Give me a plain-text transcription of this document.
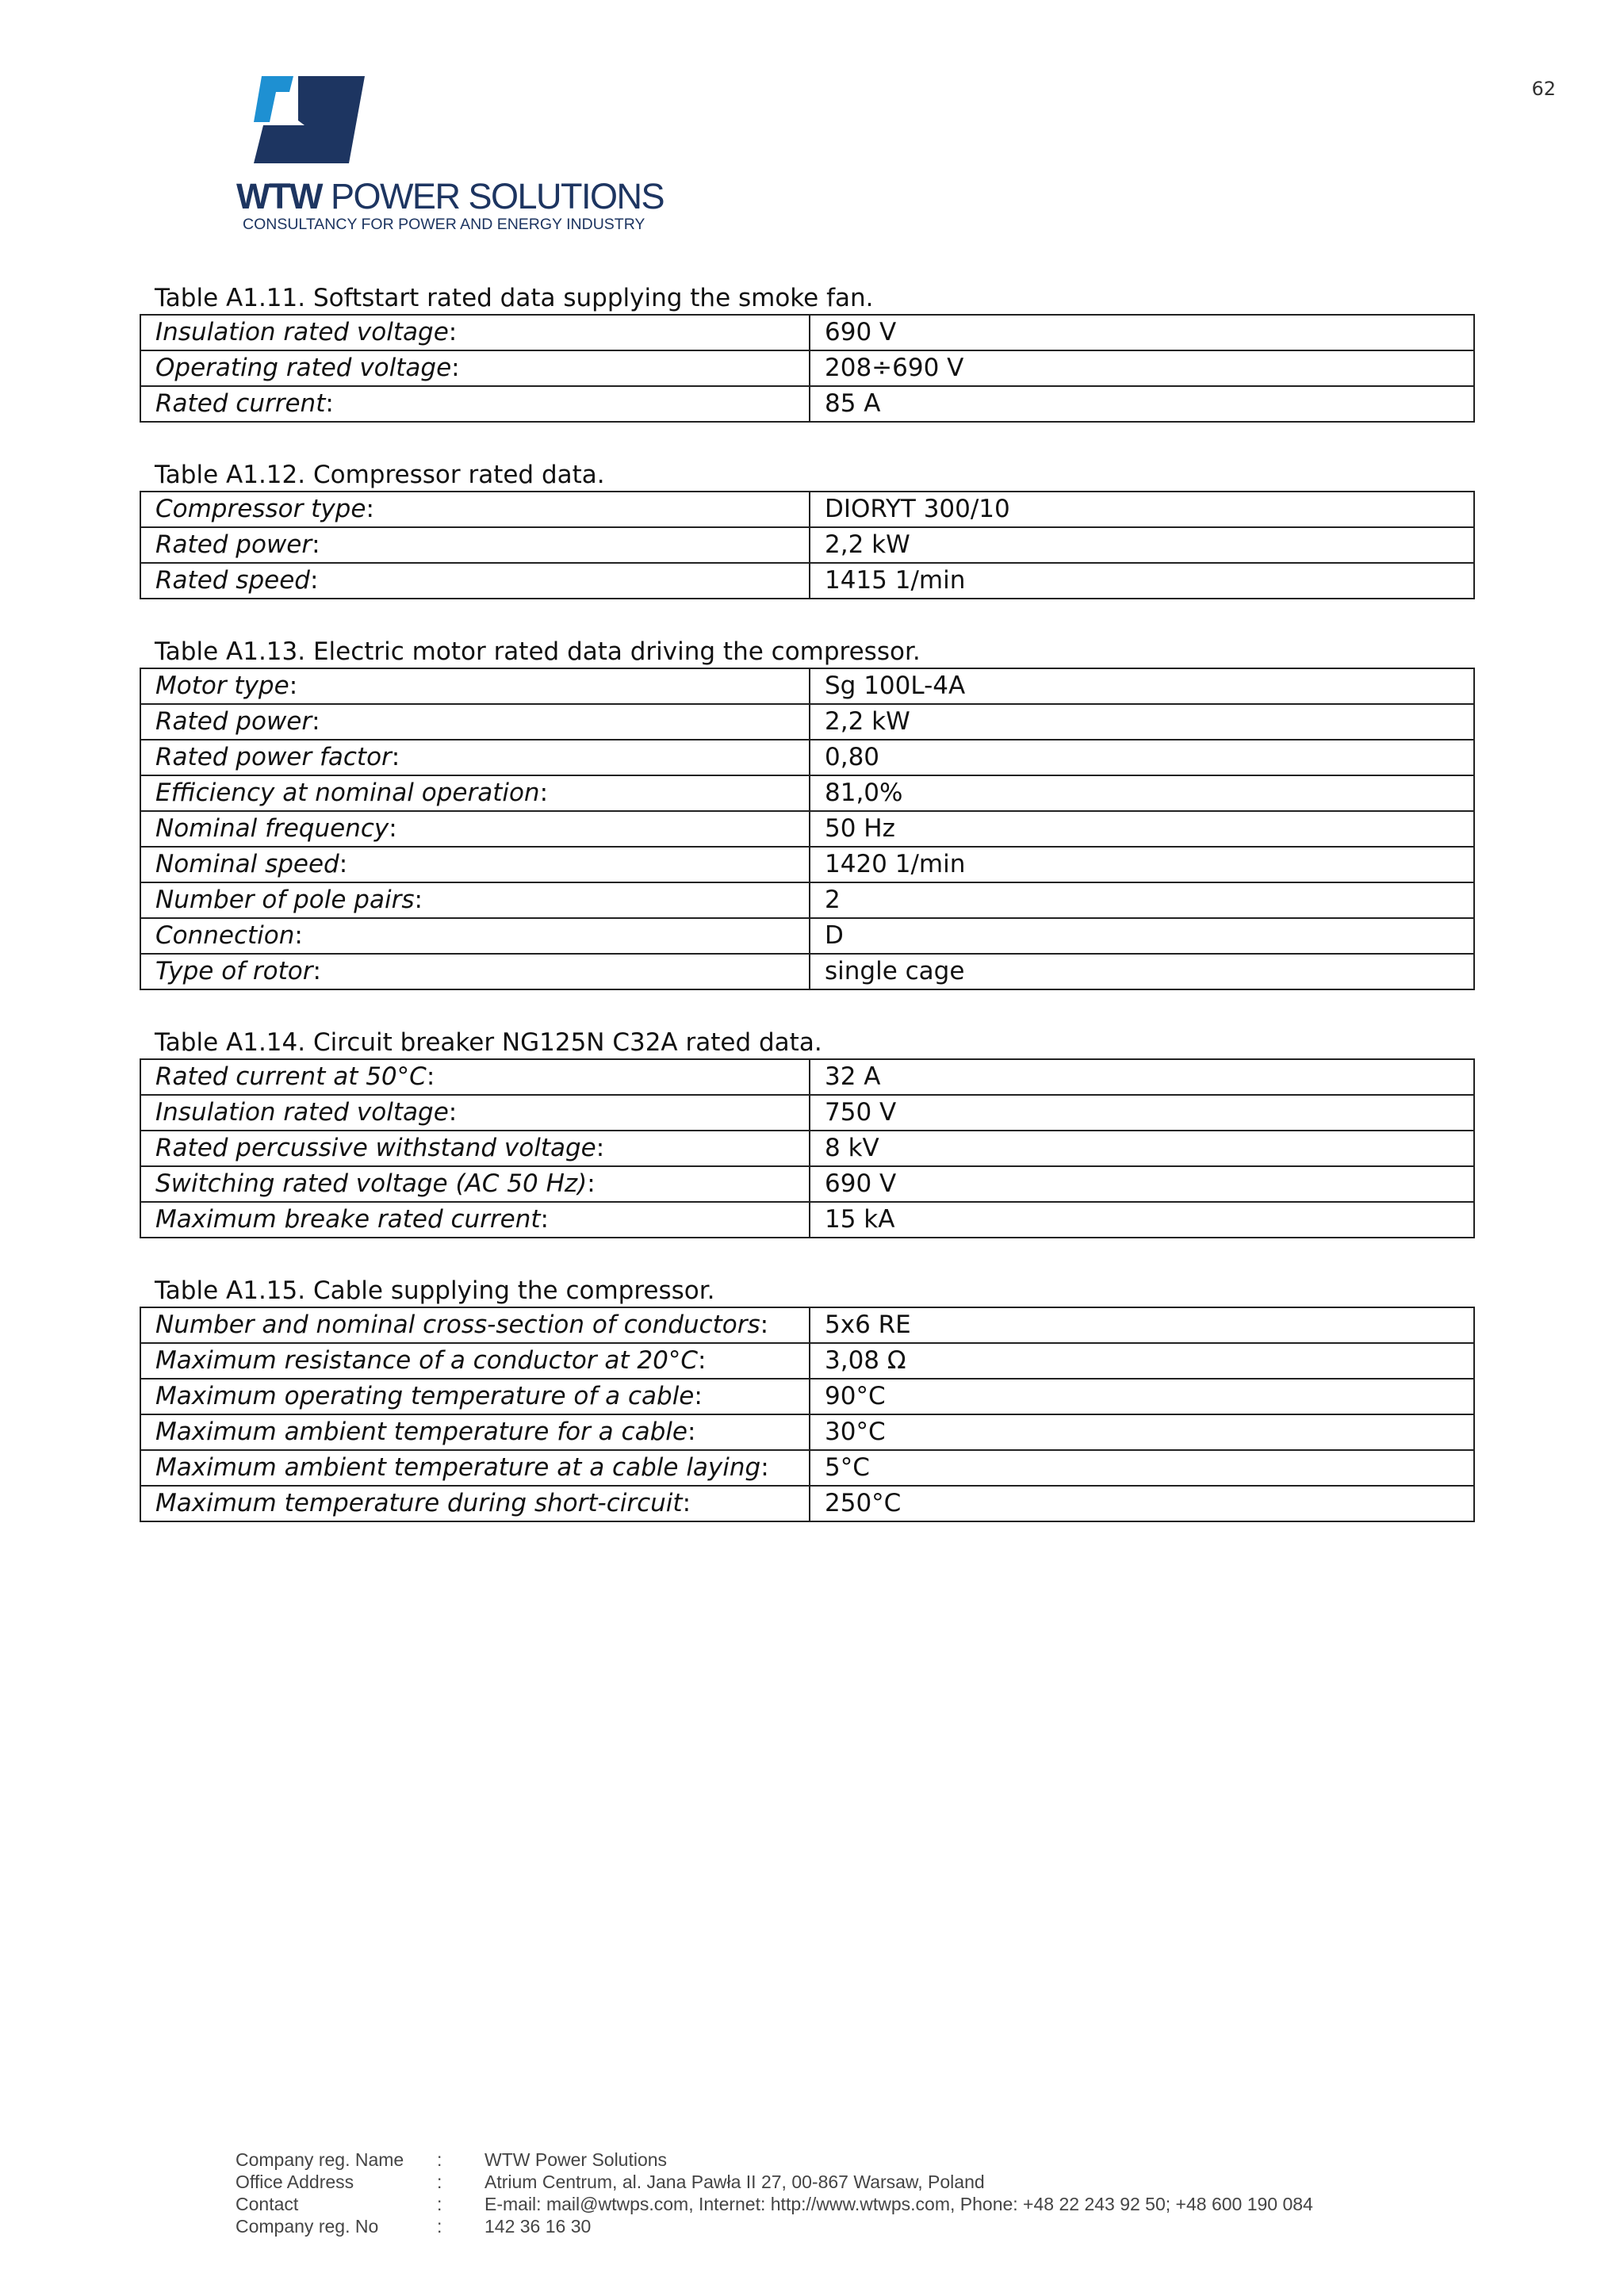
62
WTW POWER SOLUTIONS
CONSULTANCY FOR POWER AND ENERGY INDUSTRY
Table A1.11. Softstart rated data supplying the smoke fan.
Insulation rated voltage:	690 V
Operating rated voltage:	208÷690 V
Rated current:	85 A
Table A1.12. Compressor rated data.
Compressor type:	DIORYT 300/10
Rated power:	2,2 kW
Rated speed:	1415 1/min
Table A1.13. Electric motor rated data driving the compressor.
Motor type:	Sg 100L-4A
Rated power:	2,2 kW
Rated power factor:	0,80
Efficiency at nominal operation:	81,0%
Nominal frequency:	50 Hz
Nominal speed:	1420 1/min
Number of pole pairs:	2
Connection:	D
Type of rotor:	single cage
Table A1.14. Circuit breaker NG125N C32A rated data.
Rated current at 50°C:	32 A
Insulation rated voltage:	750 V
Rated percussive withstand voltage:	8 kV
Switching rated voltage (AC 50 Hz):	690 V
Maximum breake rated current:	15 kA
Table A1.15. Cable supplying the compressor.
Number and nominal cross-section of conductors:	5x6 RE
Maximum resistance of a conductor at 20°C:	3,08 Ω
Maximum operating temperature of a cable:	90°C
Maximum ambient temperature for a cable:	30°C
Maximum ambient temperature at a cable laying:	5°C
Maximum temperature during short-circuit:	250°C
Company reg. Name : WTW Power Solutions
Office Address	: Atrium Centrum, al. Jana Pawła II 27, 00-867 Warsaw, Poland
Contact	: E-mail: mail@wtwps.com, Internet: http://www.wtwps.com, Phone: +48 22 243 92 50; +48 600 190 084
Company reg. No	: 142 36 16 30
